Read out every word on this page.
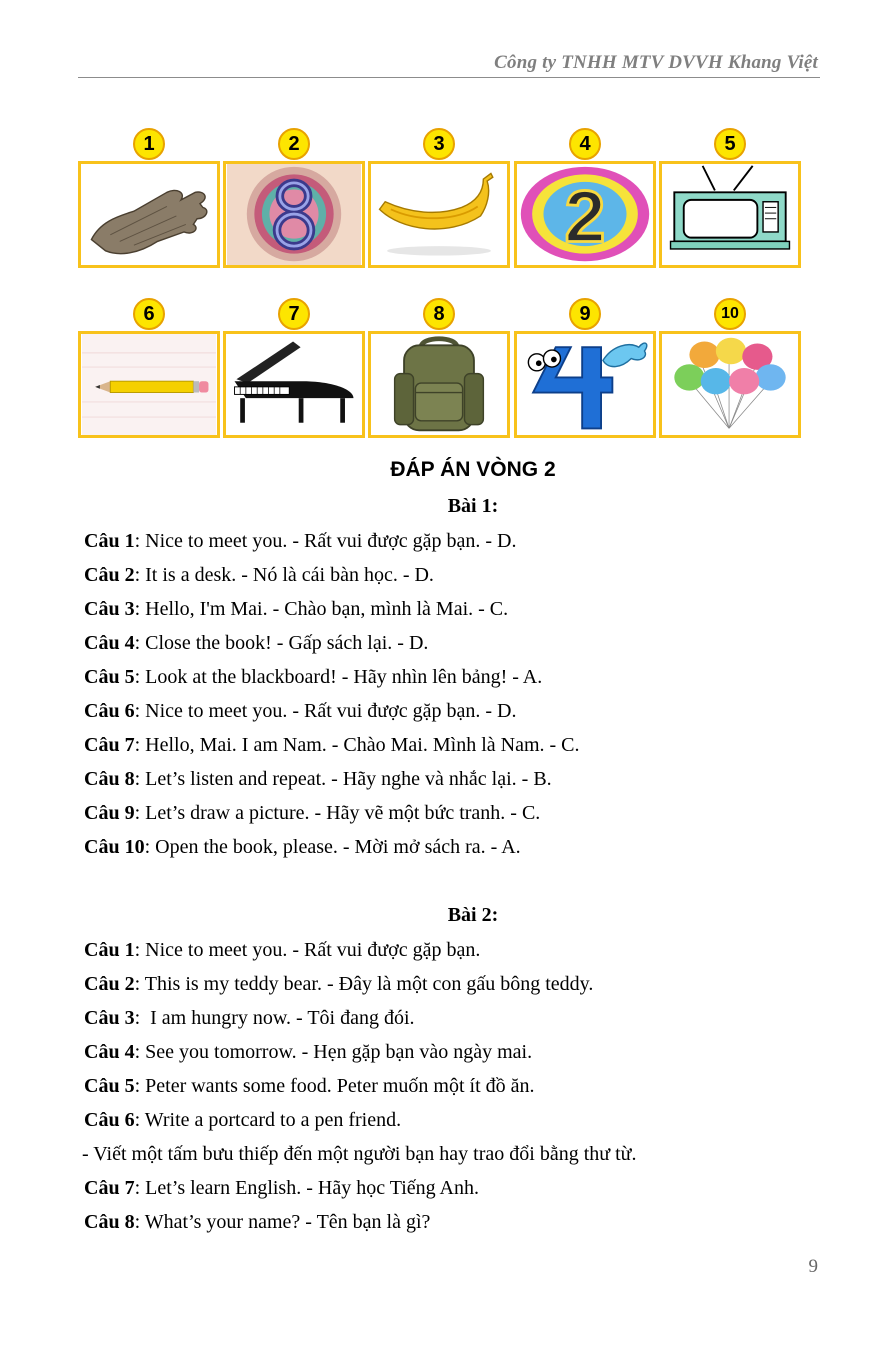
Công ty TNHH MTV DVVH Khang Việt
1	2	3	4
2
5
6	7	8	9	10
ĐÁP ÁN VÒNG 2
Bài 1:
Câu 1: Nice to meet you. - Rất vui được gặp bạn. - D.
Câu 2: It is a desk. - Nó là cái bàn học. - D.
Câu 3: Hello, I'm Mai. - Chào bạn, mình là Mai. - C.
Câu 4: Close the book! - Gấp sách lại. - D.
Câu 5: Look at the blackboard! - Hãy nhìn lên bảng! - A.
Câu 6: Nice to meet you. - Rất vui được gặp bạn. - D.
Câu 7: Hello, Mai. I am Nam. - Chào Mai. Mình là Nam. - C.
Câu 8: Let’s listen and repeat. - Hãy nghe và nhắc lại. - B.
Câu 9: Let’s draw a picture. - Hãy vẽ một bức tranh. - C.
Câu 10: Open the book, please. - Mời mở sách ra. - A.
Bài 2:
Câu 1: Nice to meet you. - Rất vui được gặp bạn.
Câu 2: This is my teddy bear. - Đây là một con gấu bông teddy.
Câu 3:  I am hungry now. - Tôi đang đói.
Câu 4: See you tomorrow. - Hẹn gặp bạn vào ngày mai.
Câu 5: Peter wants some food. Peter muốn một ít đồ ăn.
Câu 6: Write a portcard to a pen friend.
- Viết một tấm bưu thiếp đến một người bạn hay trao đổi bằng thư từ.
Câu 7: Let’s learn English. - Hãy học Tiếng Anh.
Câu 8: What’s your name? - Tên bạn là gì?
9
